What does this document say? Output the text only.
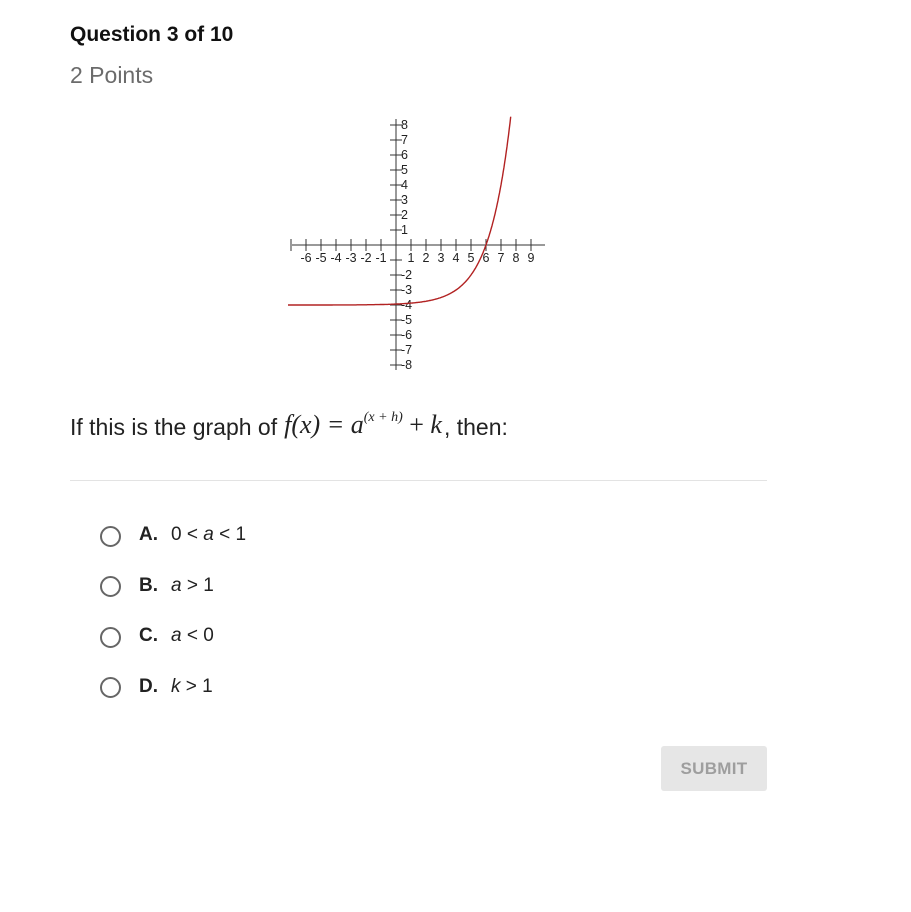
Question 3 of 10
2 Points
-6 -5 -4 -3 -2 -1 1 2 3 4 5 6 7 8 9
8
7
6
5
4
3
2
1
-2
-3
-4
-5
-6
-7
-8
If this is the graph of $f(x) = a^{(x + h)} + k$ , then:
A. 0 < a < 1
B. a > 1
C. a < 0
D. k > 1
SUBMIT
